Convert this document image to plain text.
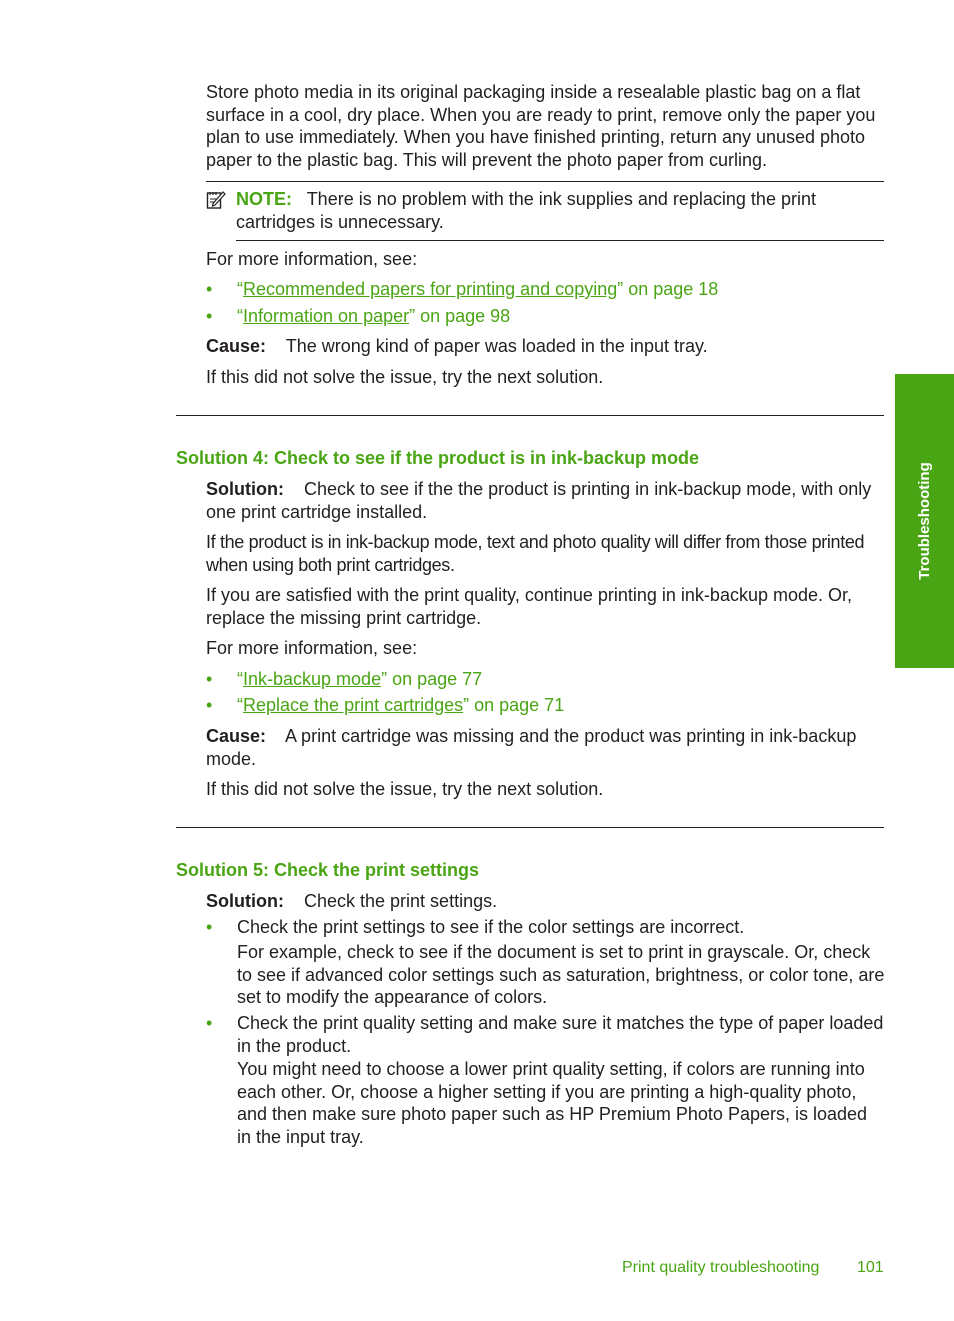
Store photo media in its original packaging inside a resealable plastic bag on a flat
surface in a cool, dry place. When you are ready to print, remove only the paper you
plan to use immediately. When you have finished printing, return any unused photo
paper to the plastic bag. This will prevent the photo paper from curling.
NOTE: There is no problem with the ink supplies and replacing the print
cartridges is unnecessary.
For more information, see:
• “Recommended papers for printing and copying” on page 18
• “Information on paper” on page 98
Cause: The wrong kind of paper was loaded in the input tray.
If this did not solve the issue, try the next solution.
Solution 4: Check to see if the product is in ink-backup mode
Solution: Check to see if the the product is printing in ink-backup mode, with only
one print cartridge installed.
If the product is in ink-backup mode, text and photo quality will differ from those printed
when using both print cartridges.
If you are satisfied with the print quality, continue printing in ink-backup mode. Or,
replace the missing print cartridge.
For more information, see:
• “Ink-backup mode” on page 77
• “Replace the print cartridges” on page 71
Cause: A print cartridge was missing and the product was printing in ink-backup
mode.
If this did not solve the issue, try the next solution.
Solution 5: Check the print settings
Solution: Check the print settings.
• Check the print settings to see if the color settings are incorrect.
For example, check to see if the document is set to print in grayscale. Or, check
to see if advanced color settings such as saturation, brightness, or color tone, are
set to modify the appearance of colors.
• Check the print quality setting and make sure it matches the type of paper loaded
in the product.
You might need to choose a lower print quality setting, if colors are running into
each other. Or, choose a higher setting if you are printing a high-quality photo,
and then make sure photo paper such as HP Premium Photo Papers, is loaded
in the input tray.
Troubleshooting
Print quality troubleshooting 101
